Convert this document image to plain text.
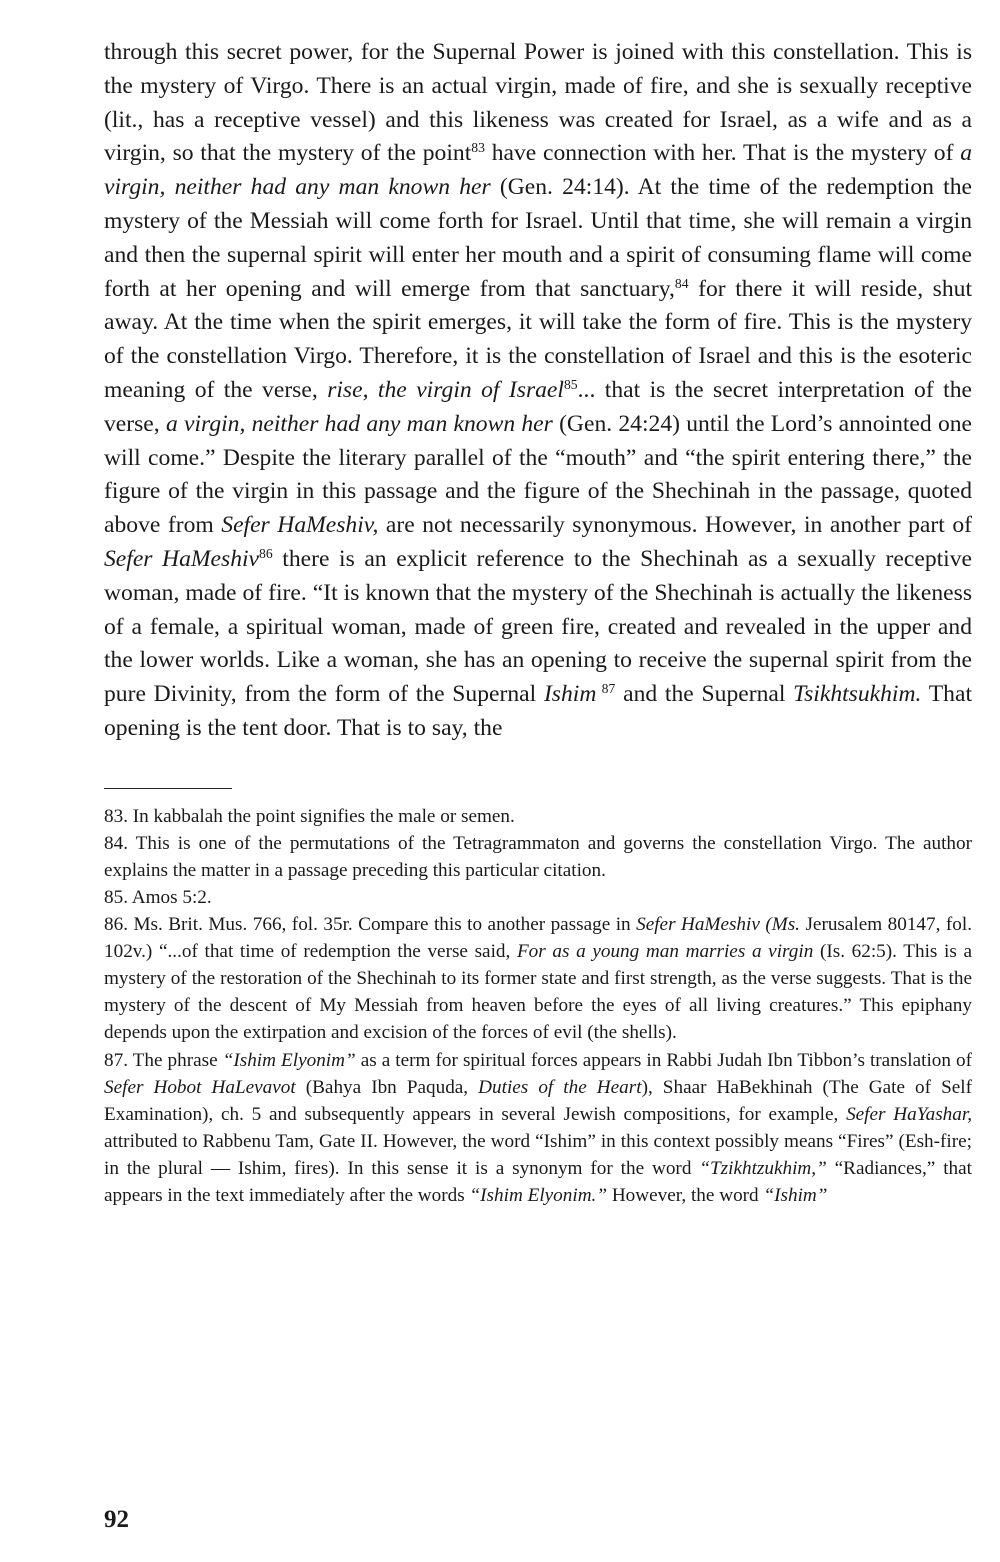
through this secret power, for the Supernal Power is joined with this constellation. This is the mystery of Virgo. There is an actual virgin, made of fire, and she is sexually receptive (lit., has a receptive vessel) and this likeness was created for Israel, as a wife and as a virgin, so that the mystery of the point$^{83}$ have connection with her. That is the mystery of a virgin, neither had any man known her (Gen. 24:14). At the time of the redemption the mystery of the Messiah will come forth for Israel. Until that time, she will remain a virgin and then the supernal spirit will enter her mouth and a spirit of consuming flame will come forth at her opening and will emerge from that sanctuary,$^{84}$ for there it will reside, shut away. At the time when the spirit emerges, it will take the form of fire. This is the mystery of the constellation Virgo. Therefore, it is the constellation of Israel and this is the esoteric meaning of the verse, rise, the virgin of Israel$^{85}$... that is the secret interpretation of the verse, a virgin, neither had any man known her (Gen. 24:24) until the Lord’s annointed one will come.” Despite the literary parallel of the “mouth” and “the spirit entering there,” the figure of the virgin in this passage and the figure of the Shechinah in the passage, quoted above from Sefer HaMeshiv, are not necessarily synonymous. However, in another part of Sefer HaMeshiv$^{86}$ there is an explicit reference to the Shechinah as a sexually receptive woman, made of fire. “It is known that the mystery of the Shechinah is actually the likeness of a female, a spiritual woman, made of green fire, created and revealed in the upper and the lower worlds. Like a woman, she has an opening to receive the supernal spirit from the pure Divinity, from the form of the Supernal Ishim $^{87}$ and the Supernal Tsikhtsukhim. That opening is the tent door. That is to say, the

83. In kabbalah the point signifies the male or semen.

84. This is one of the permutations of the Tetragrammaton and governs the constellation Virgo. The author explains the matter in a passage preceding this particular citation.

85. Amos 5:2.

86. Ms. Brit. Mus. 766, fol. 35r. Compare this to another passage in Sefer HaMeshiv (Ms. Jerusalem 80147, fol. 102v.) “...of that time of redemption the verse said, For as a young man marries a virgin (Is. 62:5). This is a mystery of the restoration of the Shechinah to its former state and first strength, as the verse suggests. That is the mystery of the descent of My Messiah from heaven before the eyes of all living creatures.” This epiphany depends upon the extirpation and excision of the forces of evil (the shells).

87. The phrase “Ishim Elyonim” as a term for spiritual forces appears in Rabbi Judah Ibn Tibbon’s translation of Sefer Hobot HaLevavot (Bahya Ibn Paquda, Duties of the Heart), Shaar HaBekhinah (The Gate of Self Examination), ch. 5 and subsequently appears in several Jewish compositions, for example, Sefer HaYashar, attributed to Rabbenu Tam, Gate II. However, the word “Ishim” in this context possibly means “Fires” (Esh-fire; in the plural — Ishim, fires). In this sense it is a synonym for the word “Tzikhtzukhim,” “Radiances,” that appears in the text immediately after the words “Ishim Elyonim.” However, the word “Ishim”

92
